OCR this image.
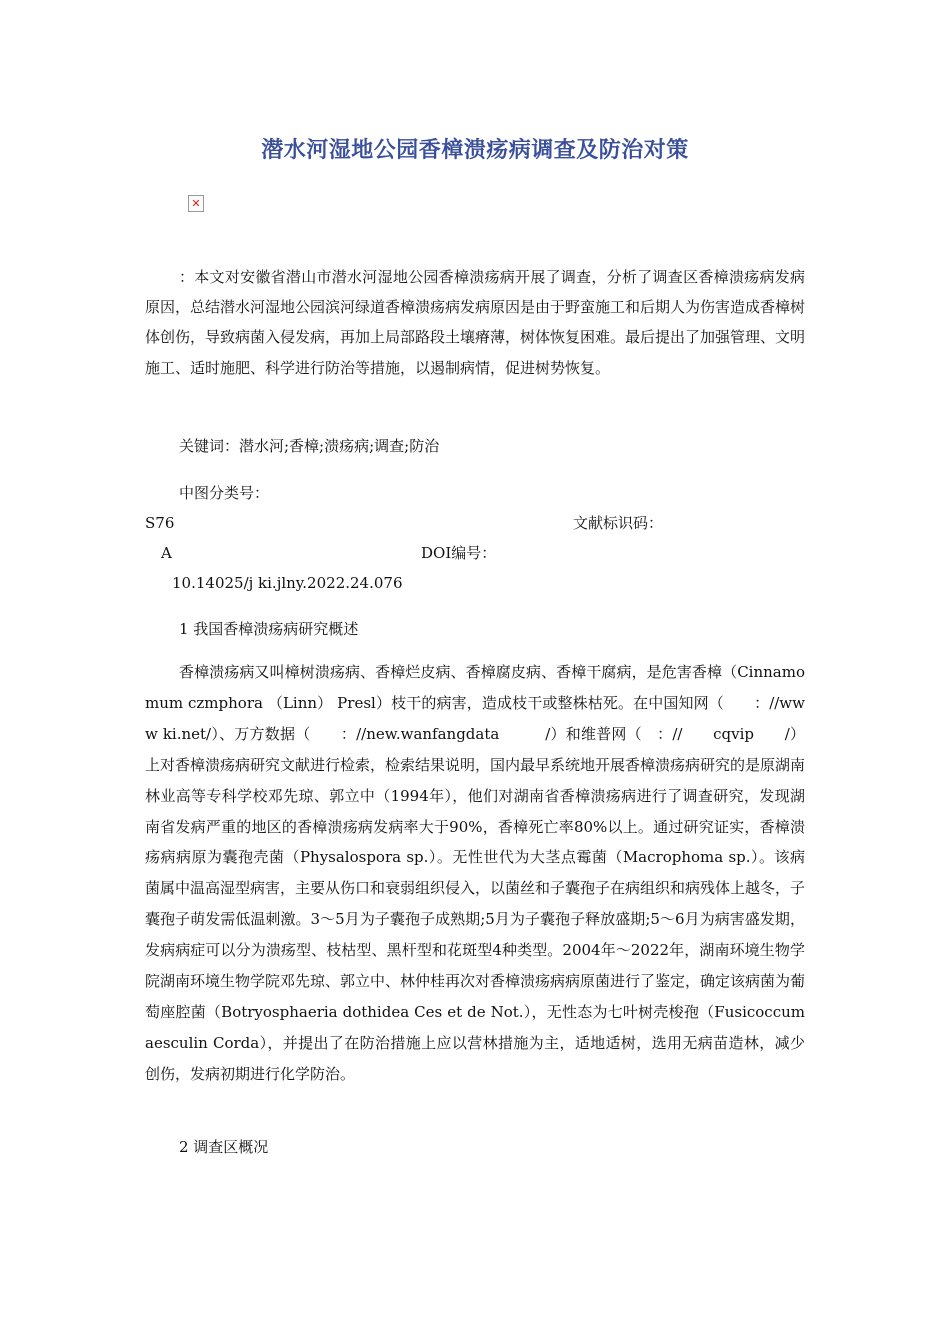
潜水河湿地公园香樟溃疡病调查及防治对策
✕
：本文对安徽省潜山市潜水河湿地公园香樟溃疡病开展了调查，分析了调查区香樟溃疡病发病原因，总结潜水河湿地公园滨河绿道香樟溃疡病发病原因是由于野蛮施工和后期人为伤害造成香樟树体创伤，导致病菌入侵发病，再加上局部路段土壤瘠薄，树体恢复困难。最后提出了加强管理、文明施工、适时施肥、科学进行防治等措施，以遏制病情，促进树势恢复。
关键词：潜水河;香樟;溃疡病;调查;防治
中图分类号：
S76	文献标识码：
A	DOI编号：
10.14025/j ki.jlny.2022.24.076
1 我国香樟溃疡病研究概述
香樟溃疡病又叫樟树溃疡病、香樟烂皮病、香樟腐皮病、香樟干腐病，是危害香樟（Cinnamomum czmphora （Linn） Presl）枝干的病害，造成枝干或整株枯死。在中国知网（　　：//www ki.net/）、万方数据（　　：//new.wanfangdata　　　/）和维普网（　：//　　cqvip　　/）上对香樟溃疡病研究文献进行检索，检索结果说明，国内最早系统地开展香樟溃疡病研究的是原湖南林业高等专科学校邓先琼、郭立中（1994年），他们对湖南省香樟溃疡病进行了调查研究，发现湖南省发病严重的地区的香樟溃疡病发病率大于90%，香樟死亡率80%以上。通过研究证实，香樟溃疡病病原为囊孢壳菌（Physalospora sp.）。无性世代为大茎点霉菌（Macrophoma sp.）。该病菌属中温高湿型病害，主要从伤口和衰弱组织侵入，以菌丝和子囊孢子在病组织和病残体上越冬，子囊孢子萌发需低温刺激。3～5月为子囊孢子成熟期;5月为子囊孢子释放盛期;5～6月为病害盛发期，发病病症可以分为溃疡型、枝枯型、黑杆型和花斑型4种类型。2004年～2022年，湖南环境生物学院湖南环境生物学院邓先琼、郭立中、林仲桂再次对香樟溃疡病病原菌进行了鉴定，确定该病菌为葡萄座腔菌（Botryosphaeria dothidea Ces et de Not.），无性态为七叶树壳梭孢（Fusicoccum aesculin Corda），并提出了在防治措施上应以营林措施为主，适地适树，选用无病苗造林，减少创伤，发病初期进行化学防治。
2 调查区概况
